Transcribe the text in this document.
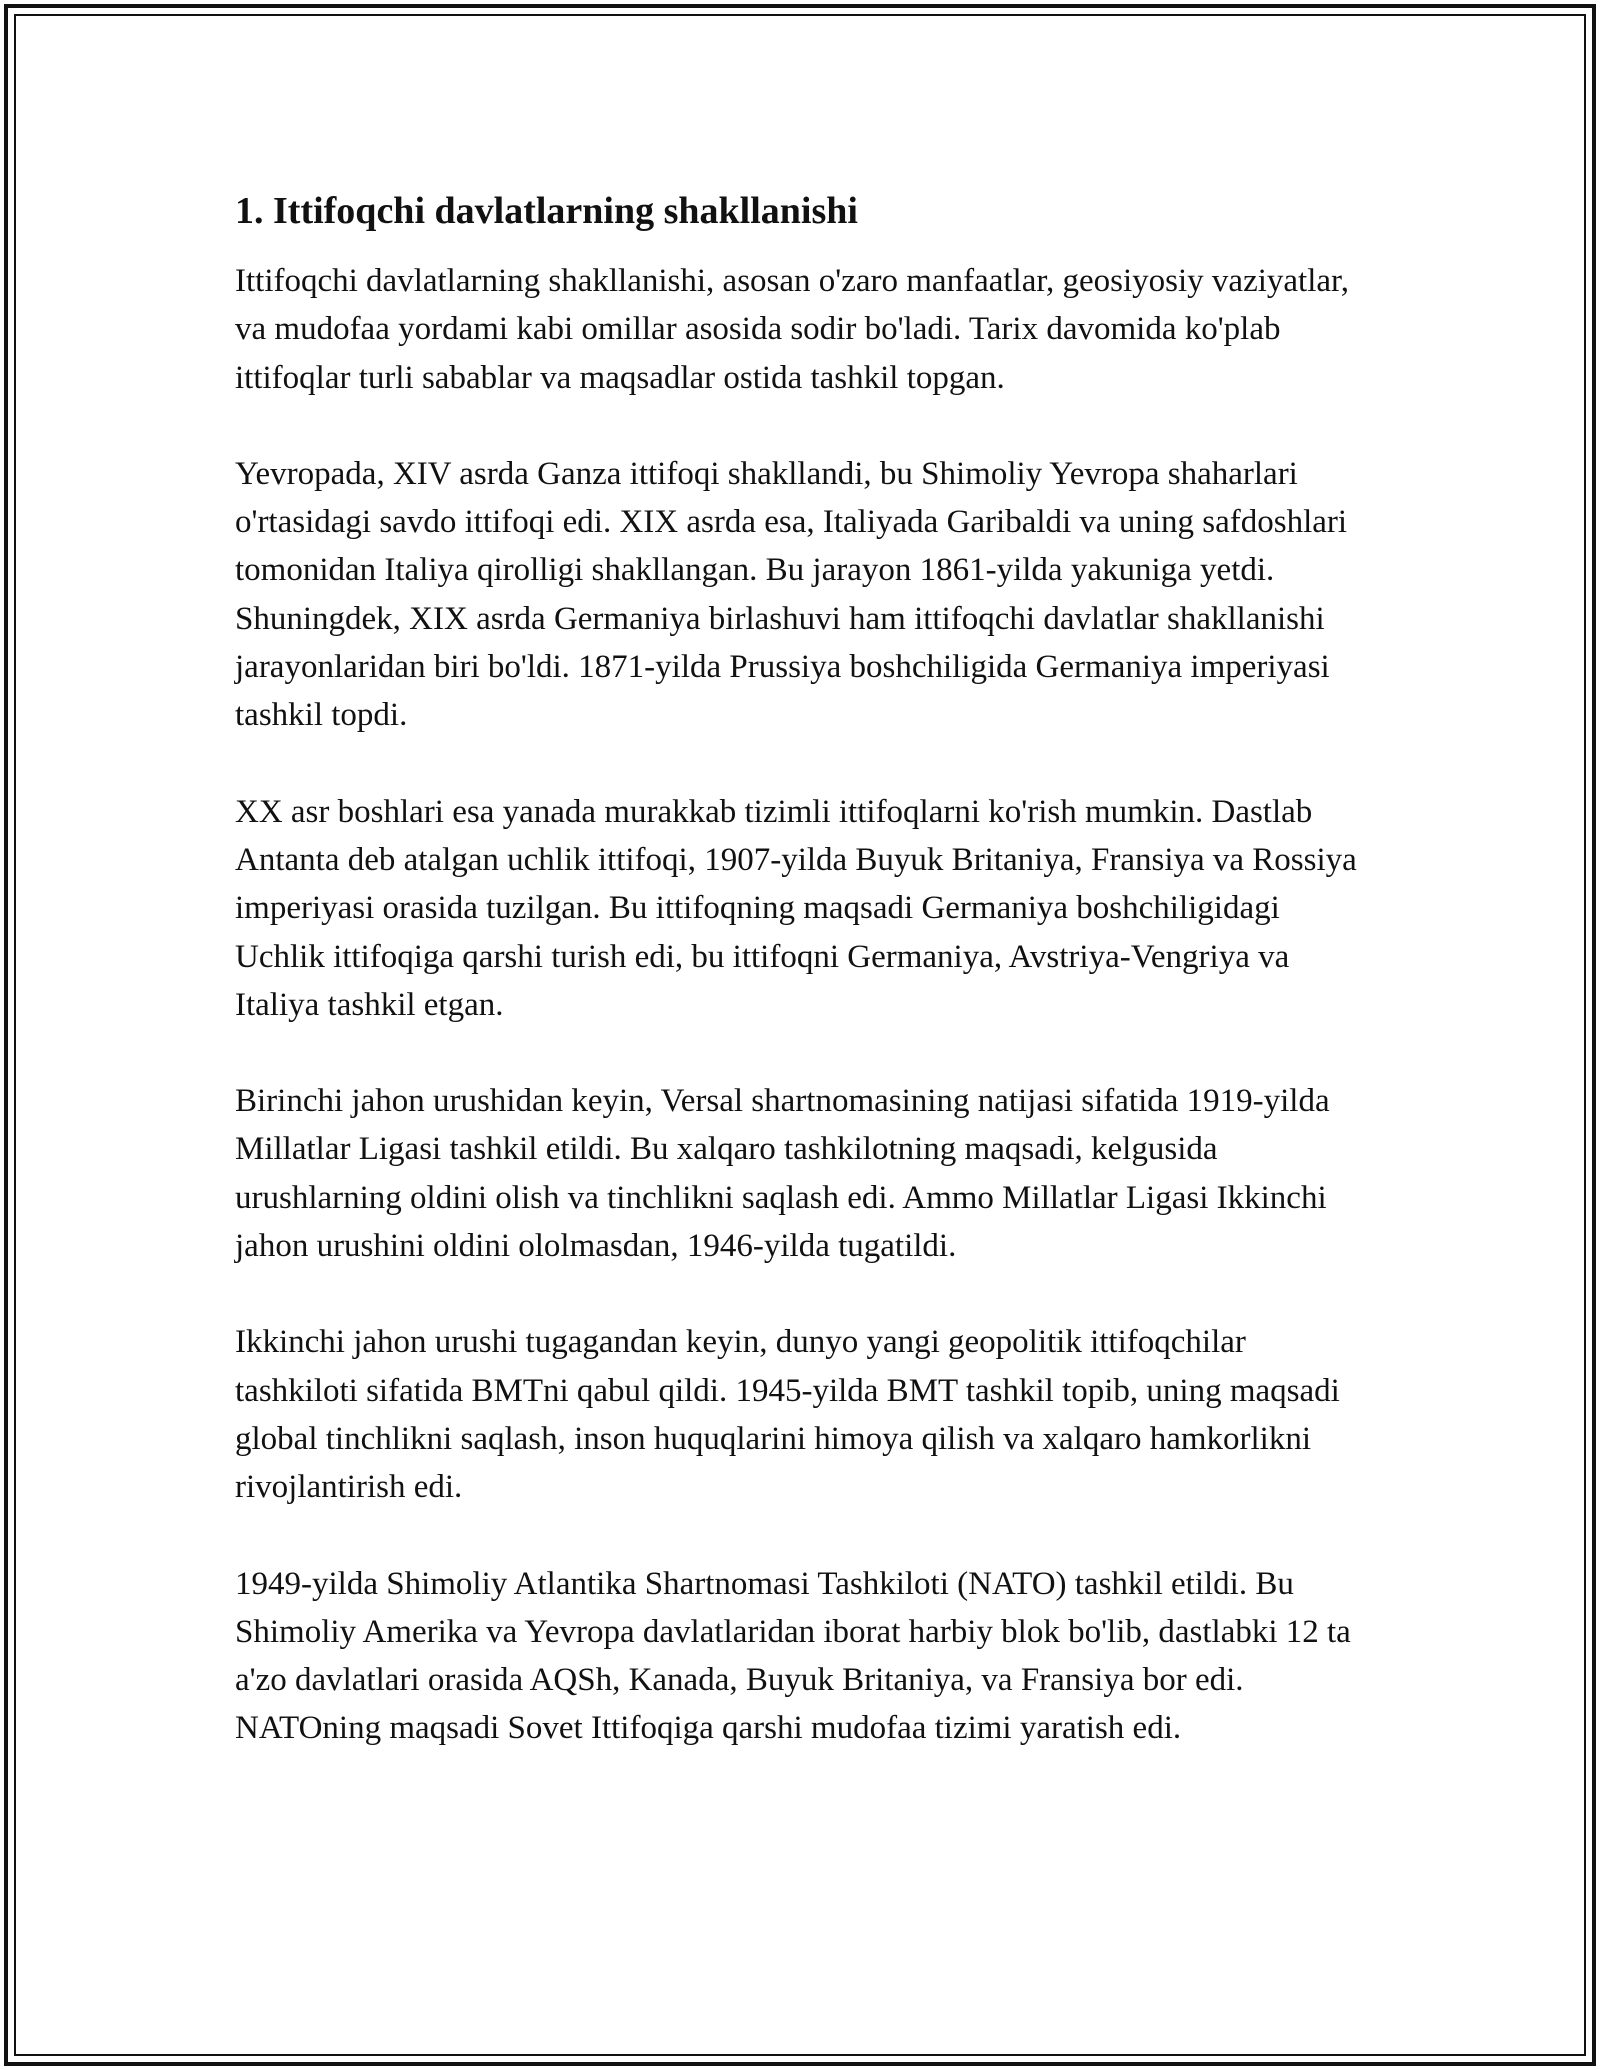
1. Ittifoqchi davlatlarning shakllanishi

Ittifoqchi davlatlarning shakllanishi, asosan o'zaro manfaatlar, geosiyosiy vaziyatlar, va mudofaa yordami kabi omillar asosida sodir bo'ladi. Tarix davomida ko'plab ittifoqlar turli sabablar va maqsadlar ostida tashkil topgan.

Yevropada, XIV asrda Ganza ittifoqi shakllandi, bu Shimoliy Yevropa shaharlari o'rtasidagi savdo ittifoqi edi. XIX asrda esa, Italiyada Garibaldi va uning safdoshlari tomonidan Italiya qirolligi shakllangan. Bu jarayon 1861-yilda yakuniga yetdi. Shuningdek, XIX asrda Germaniya birlashuvi ham ittifoqchi davlatlar shakllanishi jarayonlaridan biri bo'ldi. 1871-yilda Prussiya boshchiligida Germaniya imperiyasi tashkil topdi.

XX asr boshlari esa yanada murakkab tizimli ittifoqlarni ko'rish mumkin. Dastlab Antanta deb atalgan uchlik ittifoqi, 1907-yilda Buyuk Britaniya, Fransiya va Rossiya imperiyasi orasida tuzilgan. Bu ittifoqning maqsadi Germaniya boshchiligidagi Uchlik ittifoqiga qarshi turish edi, bu ittifoqni Germaniya, Avstriya-Vengriya va Italiya tashkil etgan.

Birinchi jahon urushidan keyin, Versal shartnomasining natijasi sifatida 1919-yilda Millatlar Ligasi tashkil etildi. Bu xalqaro tashkilotning maqsadi, kelgusida urushlarning oldini olish va tinchlikni saqlash edi. Ammo Millatlar Ligasi Ikkinchi jahon urushini oldini ololmasdan, 1946-yilda tugatildi.

Ikkinchi jahon urushi tugagandan keyin, dunyo yangi geopolitik ittifoqchilar tashkiloti sifatida BMTni qabul qildi. 1945-yilda BMT tashkil topib, uning maqsadi global tinchlikni saqlash, inson huquqlarini himoya qilish va xalqaro hamkorlikni rivojlantirish edi.

1949-yilda Shimoliy Atlantika Shartnomasi Tashkiloti (NATO) tashkil etildi. Bu Shimoliy Amerika va Yevropa davlatlaridan iborat harbiy blok bo'lib, dastlabki 12 ta a'zo davlatlari orasida AQSh, Kanada, Buyuk Britaniya, va Fransiya bor edi. NATOning maqsadi Sovet Ittifoqiga qarshi mudofaa tizimi yaratish edi.
